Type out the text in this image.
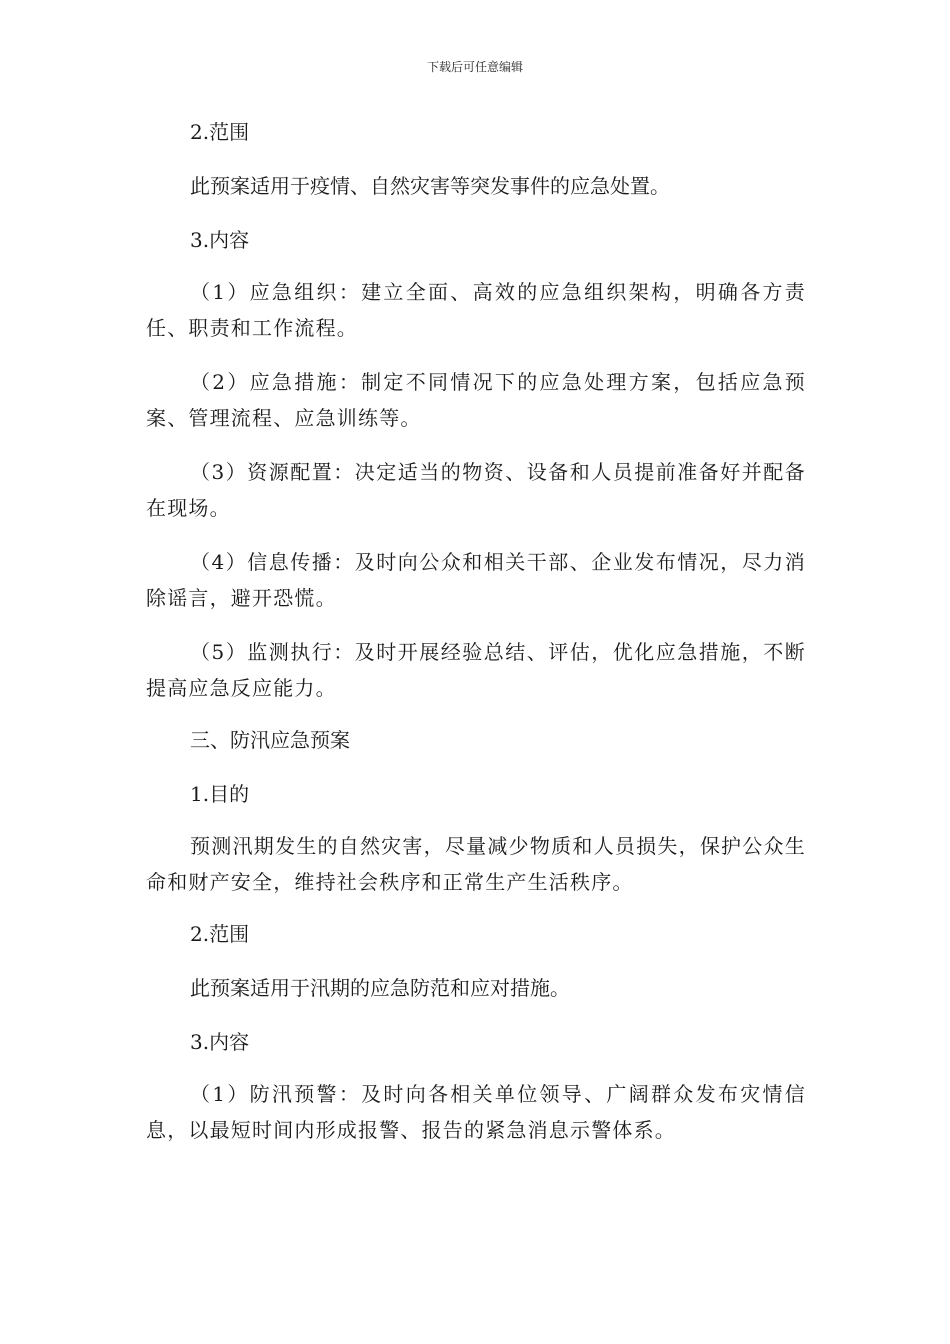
下载后可任意编辑

2.范围

此预案适用于疫情、自然灾害等突发事件的应急处置。

3.内容

（1）应急组织：建立全面、高效的应急组织架构，明确各方责任、职责和工作流程。

（2）应急措施：制定不同情况下的应急处理方案，包括应急预案、管理流程、应急训练等。

（3）资源配置：决定适当的物资、设备和人员提前准备好并配备在现场。

（4）信息传播：及时向公众和相关干部、企业发布情况，尽力消除谣言，避开恐慌。

（5）监测执行：及时开展经验总结、评估，优化应急措施，不断提高应急反应能力。

三、防汛应急预案

1.目的

预测汛期发生的自然灾害，尽量减少物质和人员损失，保护公众生命和财产安全，维持社会秩序和正常生产生活秩序。

2.范围

此预案适用于汛期的应急防范和应对措施。

3.内容

（1）防汛预警：及时向各相关单位领导、广阔群众发布灾情信息，以最短时间内形成报警、报告的紧急消息示警体系。
